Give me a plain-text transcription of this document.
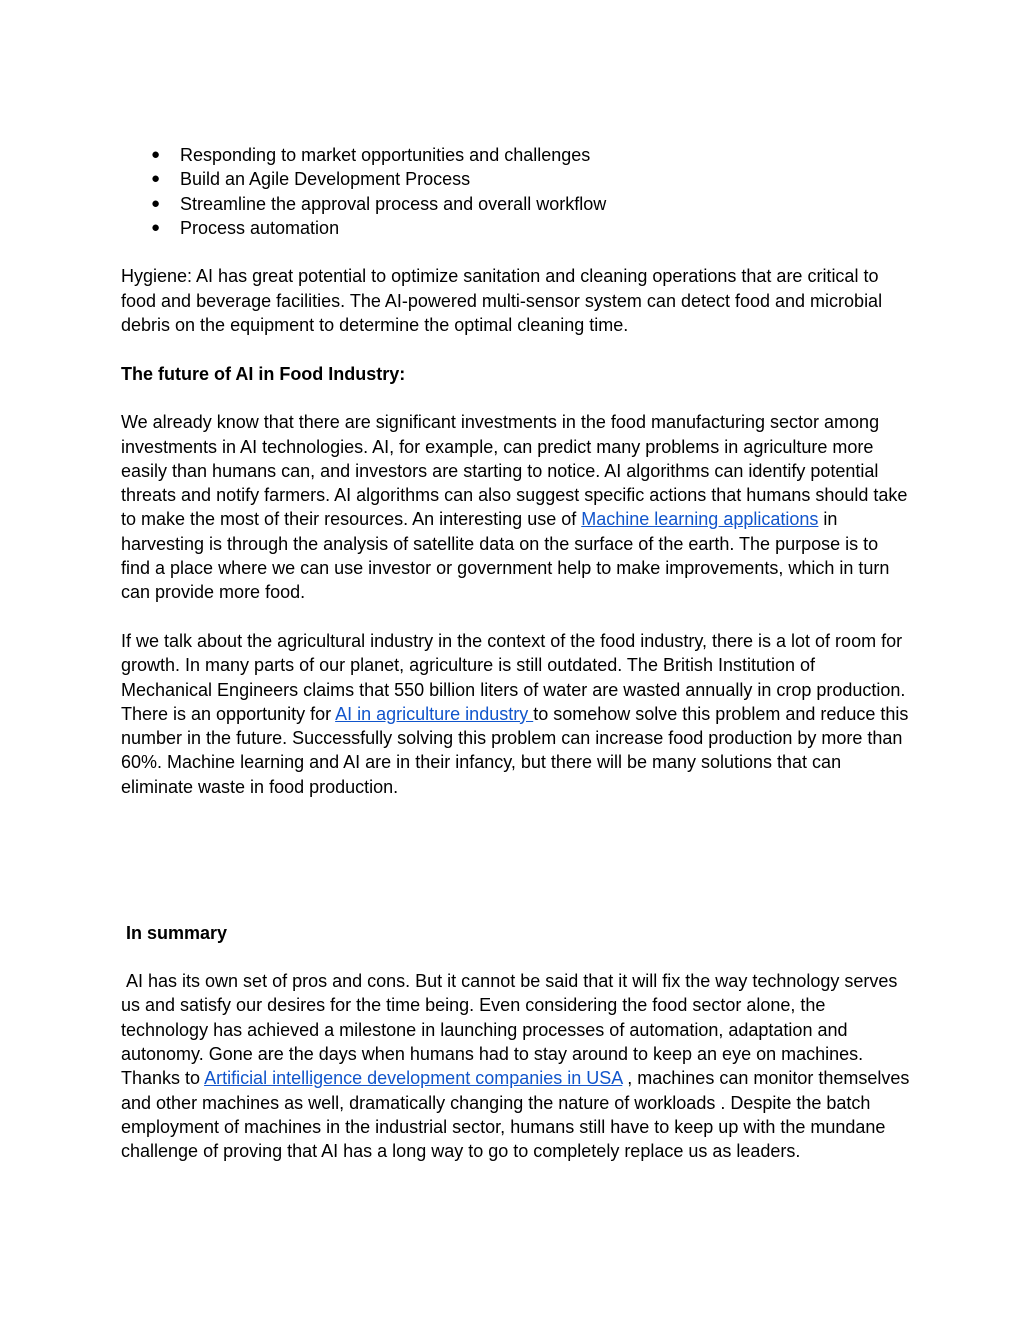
● Responding to market opportunities and challenges
● Build an Agile Development Process
● Streamline the approval process and overall workflow
● Process automation

Hygiene: AI has great potential to optimize sanitation and cleaning operations that are critical to food and beverage facilities. The AI-powered multi-sensor system can detect food and microbial debris on the equipment to determine the optimal cleaning time.

The future of AI in Food Industry:

We already know that there are significant investments in the food manufacturing sector among investments in AI technologies. AI, for example, can predict many problems in agriculture more easily than humans can, and investors are starting to notice. AI algorithms can identify potential threats and notify farmers. AI algorithms can also suggest specific actions that humans should take to make the most of their resources. An interesting use of Machine learning applications in harvesting is through the analysis of satellite data on the surface of the earth. The purpose is to find a place where we can use investor or government help to make improvements, which in turn can provide more food.

If we talk about the agricultural industry in the context of the food industry, there is a lot of room for growth. In many parts of our planet, agriculture is still outdated. The British Institution of Mechanical Engineers claims that 550 billion liters of water are wasted annually in crop production. There is an opportunity for AI in agriculture industry to somehow solve this problem and reduce this number in the future. Successfully solving this problem can increase food production by more than 60%. Machine learning and AI are in their infancy, but there will be many solutions that can eliminate waste in food production.

In summary

AI has its own set of pros and cons. But it cannot be said that it will fix the way technology serves us and satisfy our desires for the time being. Even considering the food sector alone, the technology has achieved a milestone in launching processes of automation, adaptation and autonomy. Gone are the days when humans had to stay around to keep an eye on machines. Thanks to Artificial intelligence development companies in USA , machines can monitor themselves and other machines as well, dramatically changing the nature of workloads . Despite the batch employment of machines in the industrial sector, humans still have to keep up with the mundane challenge of proving that AI has a long way to go to completely replace us as leaders.
